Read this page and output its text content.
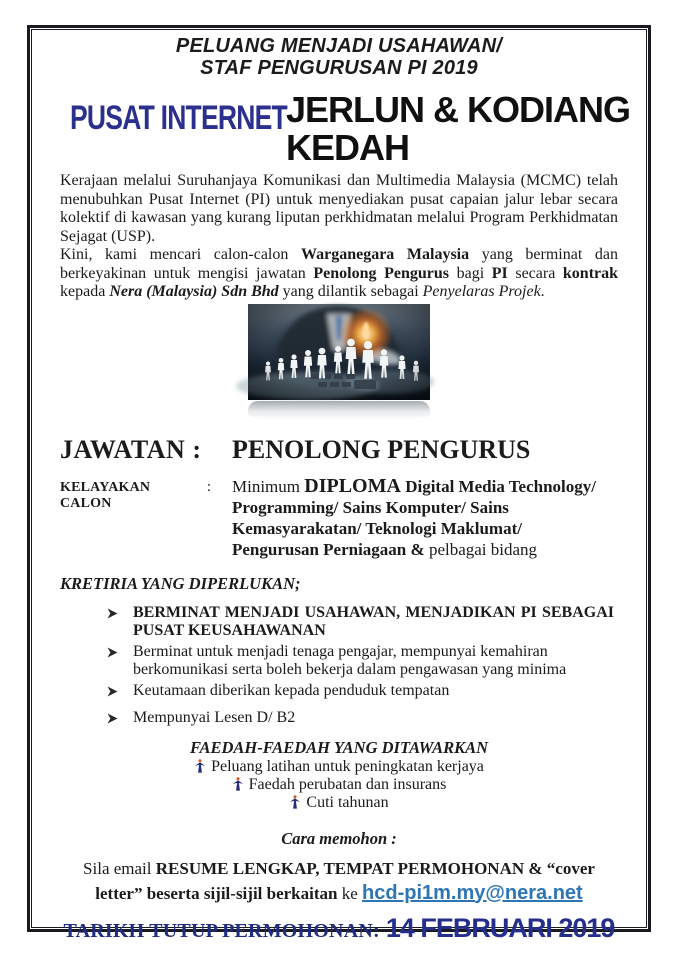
PELUANG MENJADI USAHAWAN/
STAF PENGURUSAN PI 2019
PUSAT INTERNET JERLUN & KODIANG
KEDAH
Kerajaan melalui Suruhanjaya Komunikasi dan Multimedia Malaysia (MCMC) telah menubuhkan Pusat Internet (PI) untuk menyediakan pusat capaian jalur lebar secara kolektif di kawasan yang kurang liputan perkhidmatan melalui Program Perkhidmatan Sejagat (USP).
Kini, kami mencari calon-calon Warganegara Malaysia yang berminat dan berkeyakinan untuk mengisi jawatan Penolong Pengurus bagi PI secara kontrak kepada Nera (Malaysia) Sdn Bhd yang dilantik sebagai Penyelaras Projek.
JAWATAN :	PENOLONG PENGURUS
KELAYAKAN CALON
:	Minimum DIPLOMA Digital Media Technology/ Programming/ Sains Komputer/ Sains Kemasyarakatan/ Teknologi Maklumat/ Pengurusan Perniagaan & pelbagai bidang
KRETIRIA YANG DIPERLUKAN;
BERMINAT MENJADI USAHAWAN, MENJADIKAN PI SEBAGAI PUSAT KEUSAHAWANAN
Berminat untuk menjadi tenaga pengajar, mempunyai kemahiran berkomunikasi serta boleh bekerja dalam pengawasan yang minima
Keutamaan diberikan kepada penduduk tempatan
Mempunyai Lesen D/ B2
FAEDAH-FAEDAH YANG DITAWARKAN
Peluang latihan untuk peningkatan kerjaya
Faedah perubatan dan insurans
Cuti tahunan
Cara memohon :
Sila email RESUME LENGKAP, TEMPAT PERMOHONAN & “cover letter” beserta sijil-sijil berkaitan ke hcd-pi1m.my@nera.net
TARIKH TUTUP PERMOHONAN: 14 FEBRUARI 2019
